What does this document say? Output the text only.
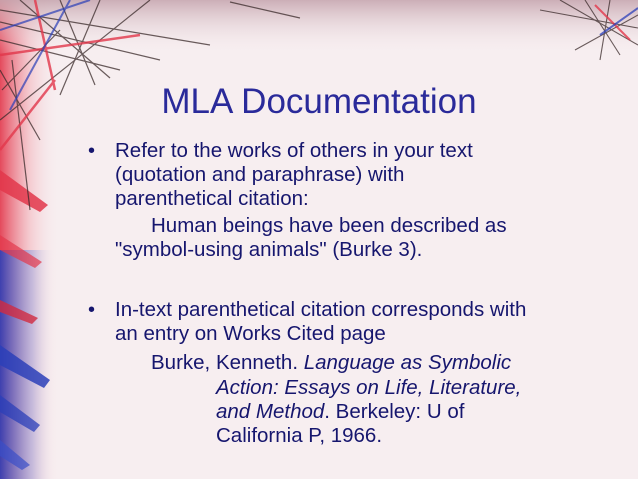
MLA Documentation
• Refer to the works of others in your text
(quotation and paraphrase) with
parenthetical citation:
Human beings have been described as
"symbol-using animals" (Burke 3).
• In-text parenthetical citation corresponds with
an entry on Works Cited page
Burke, Kenneth. Language as Symbolic
Action: Essays on Life, Literature,
and Method. Berkeley: U of
California P, 1966.
